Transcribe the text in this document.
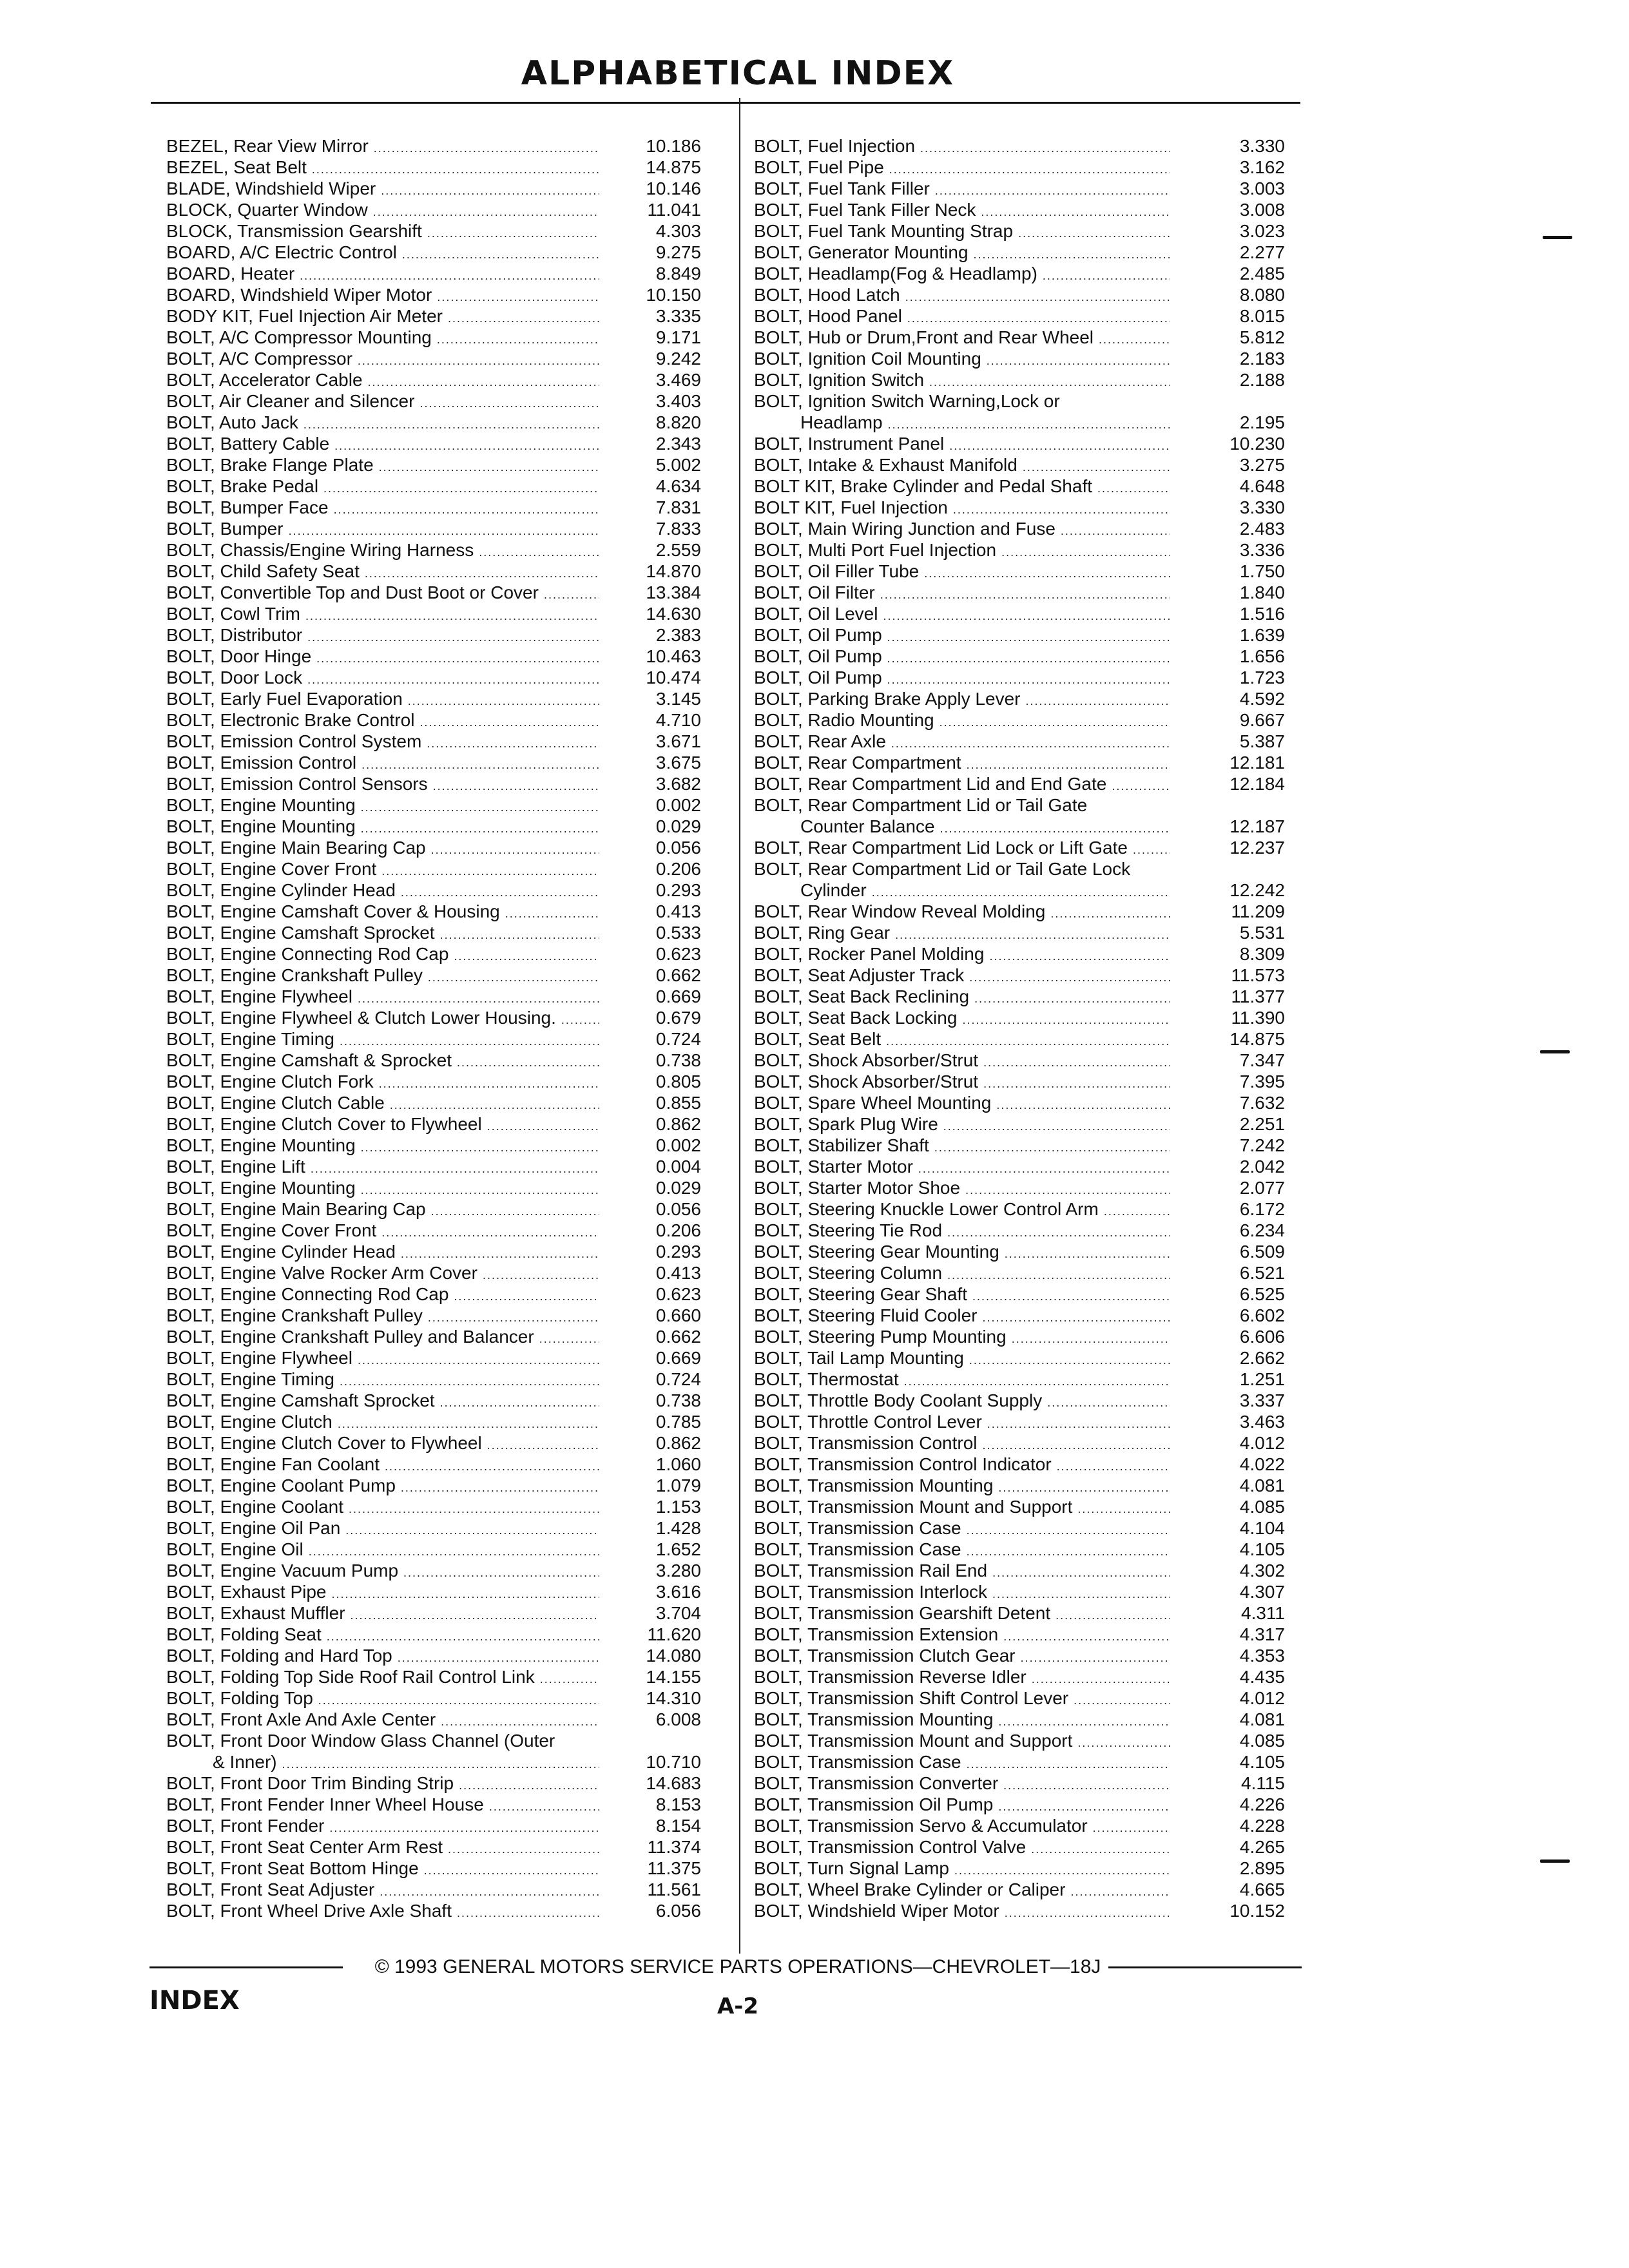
ALPHABETICAL INDEX
BEZEL, Rear View Mirror .....	10.186
BEZEL, Seat Belt .....	14.875
BLADE, Windshield Wiper .....	10.146
BLOCK, Quarter Window .....	11.041
BLOCK, Transmission Gearshift .....	4.303
BOARD, A/C Electric Control .....	9.275
BOARD, Heater .....	8.849
BOARD, Windshield Wiper Motor .....	10.150
BODY KIT, Fuel Injection Air Meter .....	3.335
BOLT, A/C Compressor Mounting .....	9.171
BOLT, A/C Compressor .....	9.242
BOLT, Accelerator Cable .....	3.469
BOLT, Air Cleaner and Silencer .....	3.403
BOLT, Auto Jack .....	8.820
BOLT, Battery Cable .....	2.343
BOLT, Brake Flange Plate .....	5.002
BOLT, Brake Pedal .....	4.634
BOLT, Bumper Face .....	7.831
BOLT, Bumper .....	7.833
BOLT, Chassis/Engine Wiring Harness .....	2.559
BOLT, Child Safety Seat .....	14.870
BOLT, Convertible Top and Dust Boot or Cover .....	13.384
BOLT, Cowl Trim .....	14.630
BOLT, Distributor .....	2.383
BOLT, Door Hinge .....	10.463
BOLT, Door Lock .....	10.474
BOLT, Early Fuel Evaporation .....	3.145
BOLT, Electronic Brake Control .....	4.710
BOLT, Emission Control System .....	3.671
BOLT, Emission Control .....	3.675
BOLT, Emission Control Sensors .....	3.682
BOLT, Engine Mounting .....	0.002
BOLT, Engine Mounting .....	0.029
BOLT, Engine Main Bearing Cap .....	0.056
BOLT, Engine Cover Front .....	0.206
BOLT, Engine Cylinder Head .....	0.293
BOLT, Engine Camshaft Cover & Housing .....	0.413
BOLT, Engine Camshaft Sprocket .....	0.533
BOLT, Engine Connecting Rod Cap .....	0.623
BOLT, Engine Crankshaft Pulley .....	0.662
BOLT, Engine Flywheel .....	0.669
BOLT, Engine Flywheel & Clutch Lower Housing. .....	0.679
BOLT, Engine Timing .....	0.724
BOLT, Engine Camshaft & Sprocket .....	0.738
BOLT, Engine Clutch Fork .....	0.805
BOLT, Engine Clutch Cable .....	0.855
BOLT, Engine Clutch Cover to Flywheel .....	0.862
BOLT, Engine Mounting .....	0.002
BOLT, Engine Lift .....	0.004
BOLT, Engine Mounting .....	0.029
BOLT, Engine Main Bearing Cap .....	0.056
BOLT, Engine Cover Front .....	0.206
BOLT, Engine Cylinder Head .....	0.293
BOLT, Engine Valve Rocker Arm Cover .....	0.413
BOLT, Engine Connecting Rod Cap .....	0.623
BOLT, Engine Crankshaft Pulley .....	0.660
BOLT, Engine Crankshaft Pulley and Balancer .....	0.662
BOLT, Engine Flywheel .....	0.669
BOLT, Engine Timing .....	0.724
BOLT, Engine Camshaft Sprocket .....	0.738
BOLT, Engine Clutch .....	0.785
BOLT, Engine Clutch Cover to Flywheel .....	0.862
BOLT, Engine Fan Coolant .....	1.060
BOLT, Engine Coolant Pump .....	1.079
BOLT, Engine Coolant .....	1.153
BOLT, Engine Oil Pan .....	1.428
BOLT, Engine Oil .....	1.652
BOLT, Engine Vacuum Pump .....	3.280
BOLT, Exhaust Pipe .....	3.616
BOLT, Exhaust Muffler .....	3.704
BOLT, Folding Seat .....	11.620
BOLT, Folding and Hard Top .....	14.080
BOLT, Folding Top Side Roof Rail Control Link .....	14.155
BOLT, Folding Top .....	14.310
BOLT, Front Axle And Axle Center .....	6.008
BOLT, Front Door Window Glass Channel (Outer
& Inner) .....	10.710
BOLT, Front Door Trim Binding Strip .....	14.683
BOLT, Front Fender Inner Wheel House .....	8.153
BOLT, Front Fender .....	8.154
BOLT, Front Seat Center Arm Rest .....	11.374
BOLT, Front Seat Bottom Hinge .....	11.375
BOLT, Front Seat Adjuster .....	11.561
BOLT, Front Wheel Drive Axle Shaft .....	6.056
BOLT, Fuel Injection .....	3.330
BOLT, Fuel Pipe .....	3.162
BOLT, Fuel Tank Filler .....	3.003
BOLT, Fuel Tank Filler Neck .....	3.008
BOLT, Fuel Tank Mounting Strap .....	3.023
BOLT, Generator Mounting .....	2.277
BOLT, Headlamp(Fog & Headlamp) .....	2.485
BOLT, Hood Latch .....	8.080
BOLT, Hood Panel .....	8.015
BOLT, Hub or Drum,Front and Rear Wheel .....	5.812
BOLT, Ignition Coil Mounting .....	2.183
BOLT, Ignition Switch .....	2.188
BOLT, Ignition Switch Warning,Lock or
Headlamp .....	2.195
BOLT, Instrument Panel .....	10.230
BOLT, Intake & Exhaust Manifold .....	3.275
BOLT KIT, Brake Cylinder and Pedal Shaft .....	4.648
BOLT KIT, Fuel Injection .....	3.330
BOLT, Main Wiring Junction and Fuse .....	2.483
BOLT, Multi Port Fuel Injection .....	3.336
BOLT, Oil Filler Tube .....	1.750
BOLT, Oil Filter .....	1.840
BOLT, Oil Level .....	1.516
BOLT, Oil Pump .....	1.639
BOLT, Oil Pump .....	1.656
BOLT, Oil Pump .....	1.723
BOLT, Parking Brake Apply Lever .....	4.592
BOLT, Radio Mounting .....	9.667
BOLT, Rear Axle .....	5.387
BOLT, Rear Compartment .....	12.181
BOLT, Rear Compartment Lid and End Gate .....	12.184
BOLT, Rear Compartment Lid or Tail Gate
Counter Balance .....	12.187
BOLT, Rear Compartment Lid Lock or Lift Gate .....	12.237
BOLT, Rear Compartment Lid or Tail Gate Lock
Cylinder .....	12.242
BOLT, Rear Window Reveal Molding .....	11.209
BOLT, Ring Gear .....	5.531
BOLT, Rocker Panel Molding .....	8.309
BOLT, Seat Adjuster Track .....	11.573
BOLT, Seat Back Reclining .....	11.377
BOLT, Seat Back Locking .....	11.390
BOLT, Seat Belt .....	14.875
BOLT, Shock Absorber/Strut .....	7.347
BOLT, Shock Absorber/Strut .....	7.395
BOLT, Spare Wheel Mounting .....	7.632
BOLT, Spark Plug Wire .....	2.251
BOLT, Stabilizer Shaft .....	7.242
BOLT, Starter Motor .....	2.042
BOLT, Starter Motor Shoe .....	2.077
BOLT, Steering Knuckle Lower Control Arm .....	6.172
BOLT, Steering Tie Rod .....	6.234
BOLT, Steering Gear Mounting .....	6.509
BOLT, Steering Column .....	6.521
BOLT, Steering Gear Shaft .....	6.525
BOLT, Steering Fluid Cooler .....	6.602
BOLT, Steering Pump Mounting .....	6.606
BOLT, Tail Lamp Mounting .....	2.662
BOLT, Thermostat .....	1.251
BOLT, Throttle Body Coolant Supply .....	3.337
BOLT, Throttle Control Lever .....	3.463
BOLT, Transmission Control .....	4.012
BOLT, Transmission Control Indicator .....	4.022
BOLT, Transmission Mounting .....	4.081
BOLT, Transmission Mount and Support .....	4.085
BOLT, Transmission Case .....	4.104
BOLT, Transmission Case .....	4.105
BOLT, Transmission Rail End .....	4.302
BOLT, Transmission Interlock .....	4.307
BOLT, Transmission Gearshift Detent .....	4.311
BOLT, Transmission Extension .....	4.317
BOLT, Transmission Clutch Gear .....	4.353
BOLT, Transmission Reverse Idler .....	4.435
BOLT, Transmission Shift Control Lever .....	4.012
BOLT, Transmission Mounting .....	4.081
BOLT, Transmission Mount and Support .....	4.085
BOLT, Transmission Case .....	4.105
BOLT, Transmission Converter .....	4.115
BOLT, Transmission Oil Pump .....	4.226
BOLT, Transmission Servo & Accumulator .....	4.228
BOLT, Transmission Control Valve .....	4.265
BOLT, Turn Signal Lamp .....	2.895
BOLT, Wheel Brake Cylinder or Caliper .....	4.665
BOLT, Windshield Wiper Motor .....	10.152
© 1993 GENERAL MOTORS SERVICE PARTS OPERATIONS—CHEVROLET—18J
INDEX	A-2
